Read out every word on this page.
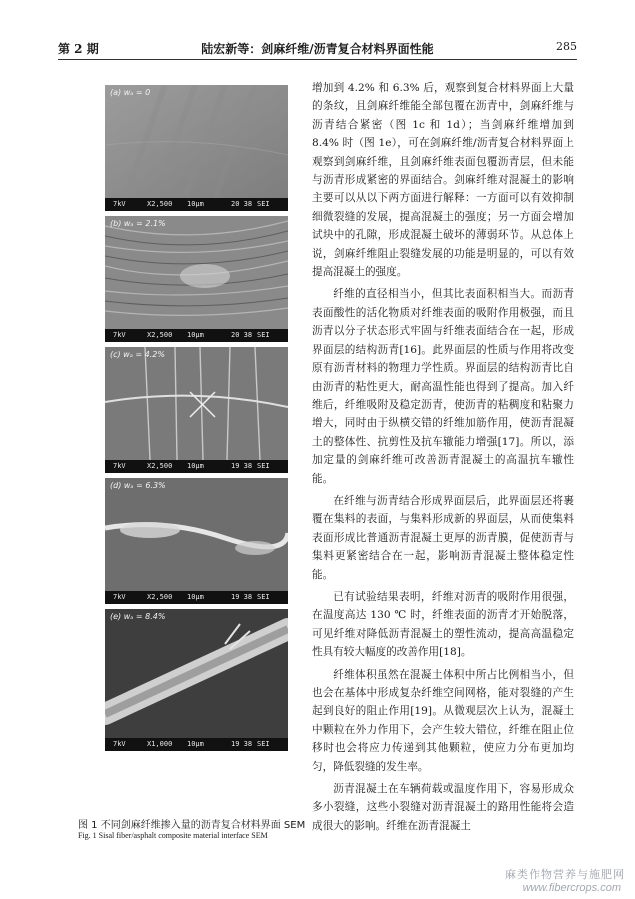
第 2 期	陆宏新等：剑麻纤维/沥青复合材料界面性能	285
(a) wₐ = 0
7kV	X2,500 10μm	20 38 SEI
(b) wₐ = 2.1%
7kV	X2,500 10μm	20 38 SEI
(c) wₐ = 4.2%
7kV	X2,500 10μm	19 38 SEI
(d) wₐ = 6.3%
7kV	X2,500 10μm	19 38 SEI
(e) wₐ = 8.4%
7kV	X1,000 10μm	19 38 SEI
图 1 不同剑麻纤维掺入量的沥青复合材料界面 SEM
Fig. 1 Sisal fiber/asphalt composite material interface SEM

增加到 4.2% 和 6.3% 后，观察到复合材料界面上大量的条纹，且剑麻纤维能全部包覆在沥青中，剑麻纤维与沥青结合紧密（图 1c 和 1d）；当剑麻纤维增加到 8.4% 时（图 1e），可在剑麻纤维/沥青复合材料界面上观察到剑麻纤维，且剑麻纤维表面包覆沥青层，但未能与沥青形成紧密的界面结合。剑麻纤维对混凝土的影响主要可以从以下两方面进行解释：一方面可以有效抑制细微裂缝的发展，提高混凝土的强度；另一方面会增加试块中的孔隙，形成混凝土破坏的薄弱环节。从总体上说，剑麻纤维阻止裂缝发展的功能是明显的，可以有效提高混凝土的强度。

纤维的直径相当小，但其比表面积相当大。而沥青表面酸性的活化物质对纤维表面的吸附作用极强，而且沥青以分子状态形式牢固与纤维表面结合在一起，形成界面层的结构沥青[16]。此界面层的性质与作用将改变原有沥青材料的物理力学性质。界面层的结构沥青比自由沥青的粘性更大，耐高温性能也得到了提高。加入纤维后，纤维吸附及稳定沥青，使沥青的粘稠度和粘聚力增大，同时由于纵横交错的纤维加筋作用，使沥青混凝土的整体性、抗剪性及抗车辙能力增强[17]。所以，添加定量的剑麻纤维可改善沥青混凝土的高温抗车辙性能。

在纤维与沥青结合形成界面层后，此界面层还将裹覆在集料的表面，与集料形成新的界面层，从而使集料表面形成比普通沥青混凝土更厚的沥青膜，促使沥青与集料更紧密结合在一起，影响沥青混凝土整体稳定性能。

已有试验结果表明，纤维对沥青的吸附作用很强，在温度高达 130 ℃ 时，纤维表面的沥青才开始脱落，可见纤维对降低沥青混凝土的塑性流动，提高高温稳定性具有较大幅度的改善作用[18]。

纤维体积虽然在混凝土体积中所占比例相当小，但也会在基体中形成复杂纤维空间网格，能对裂缝的产生起到良好的阻止作用[19]。从微观层次上认为，混凝土中颗粒在外力作用下，会产生较大错位，纤维在阻止位移时也会将应力传递到其他颗粒，使应力分布更加均匀，降低裂缝的发生率。

沥青混凝土在车辆荷载或温度作用下，容易形成众多小裂缝，这些小裂缝对沥青混凝土的路用性能将会造成很大的影响。纤维在沥青混凝土

麻类作物营养与施肥网
www.fibercrops.com
